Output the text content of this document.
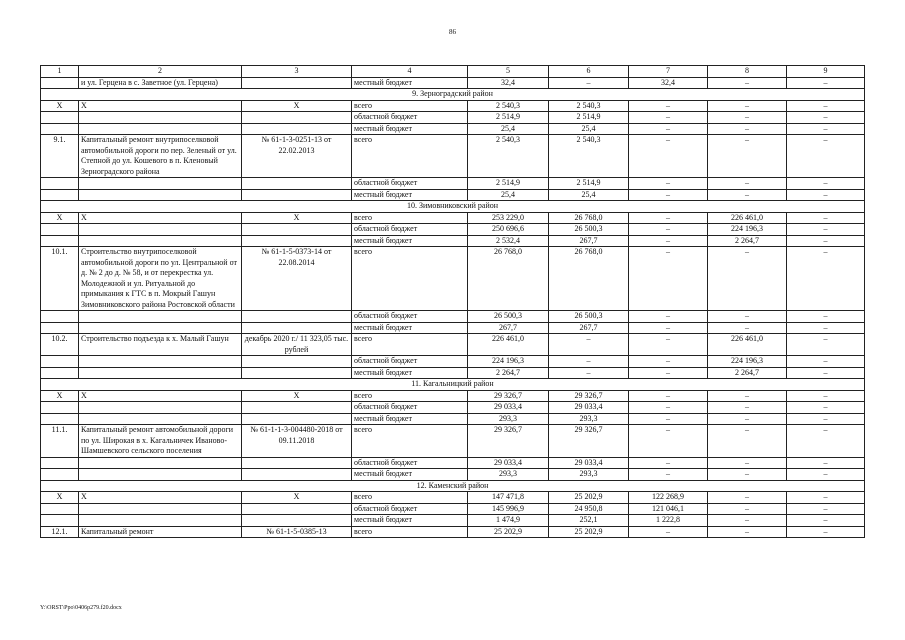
86
1	2	3	4	5	6	7	8	9
	и ул. Герцена в с. Заветное (ул. Герцена)		местный бюджет	32,4	–	32,4	–	–
9. Зерноградский район								
Х	Х	Х	всего	2 540,3	2 540,3	–	–	–
			областной бюджет	2 514,9	2 514,9	–	–	–
			местный бюджет	25,4	25,4	–	–	–
9.1.	Капитальный ремонт внутрипоселковой автомобильной дороги по пер. Зеленый от ул. Степной до ул. Кошевого в п. Кленовый Зерноградского района	№ 61-1-3-0251-13 от 22.02.2013	всего	2 540,3	2 540,3	–	–	–
			областной бюджет	2 514,9	2 514,9	–	–	–
			местный бюджет	25,4	25,4	–	–	–
10. Зимовниковский район								
Х	Х	Х	всего	253 229,0	26 768,0	–	226 461,0	–
			областной бюджет	250 696,6	26 500,3	–	224 196,3	–
			местный бюджет	2 532,4	267,7	–	2 264,7	–
10.1.	Строительство внутрипоселковой автомобильной дороги по ул. Центральной от д. № 2 до д. № 58, и от перекрестка ул. Молодежной и ул. Ритуальной до примыкания к ГТС в п. Мокрый Гашун Зимовниковского района Ростовской области	№ 61-1-5-0373-14 от 22.08.2014	всего	26 768,0	26 768,0	–	–	–
			областной бюджет	26 500,3	26 500,3	–	–	–
			местный бюджет	267,7	267,7	–	–	–
10.2.	Строительство подъезда к х. Малый Гашун	декабрь 2020 г./ 11 323,05 тыс. рублей	всего	226 461,0	–	–	226 461,0	–
			областной бюджет	224 196,3	–	–	224 196,3	–
			местный бюджет	2 264,7	–	–	2 264,7	–
11. Кагальницкий район								
Х	Х	Х	всего	29 326,7	29 326,7	–	–	–
			областной бюджет	29 033,4	29 033,4	–	–	–
			местный бюджет	293,3	293,3	–	–	–
11.1.	Капитальный ремонт автомобильной дороги по ул. Широкая в х. Кагальничек Иваново-Шамшевского сельского поселения	№ 61-1-1-3-004480-2018 от 09.11.2018	всего	29 326,7	29 326,7	–	–	–
			областной бюджет	29 033,4	29 033,4	–	–	–
			местный бюджет	293,3	293,3	–	–	–
12. Каменский район								
Х	Х	Х	всего	147 471,8	25 202,9	122 268,9	–	–
			областной бюджет	145 996,9	24 950,8	121 046,1	–	–
			местный бюджет	1 474,9	252,1	1 222,8	–	–
12.1.	Капитальный ремонт	№ 61-1-5-0385-13	всего	25 202,9	25 202,9	–	–	–
Y:\ORST\Ppo\0406p279.f20.docx
